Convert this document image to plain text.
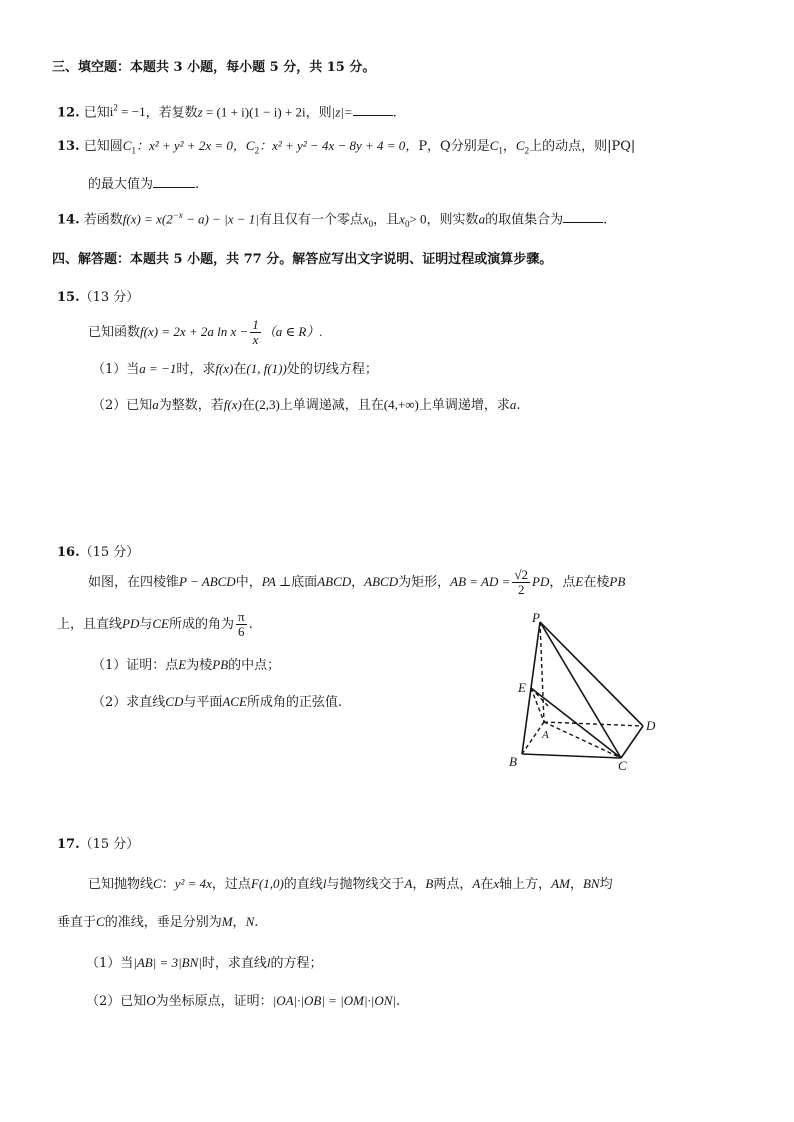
三、填空题：本题共 3 小题，每小题 5 分，共 15 分。
12. 已知$i^2 = -1$，若复数z = (1 + i)(1 − i) + 2i，则|z|=	.
13. 已知圆$C_1$：x² + y² + 2x = 0，$C_2$：x² + y² − 4x − 8y + 4 = 0，P，Q分别是$C_1$，$C_2$上的动点，则|PQ|
的最大值为	.
14. 若函数$f(x) = x(2^{-x} - a) - |x - 1|$有且仅有一个零点$x_0$，且$x_0> 0$，则实数a的取值集合为	.
四、解答题：本题共 5 小题，共 77 分。解答应写出文字说明、证明过程或演算步骤。
15.（13 分）
已知函数f(x) = 2x + 2a $\ln x - \frac{1}{x} (a$ ∈ R）.
（1）当a = −1时，求f(x)在(1, f(1))处的切线方程；
（2）已知a为整数，若f(x)在(2,3)上单调递减，且在(4,+∞)上单调递增，求a.
16.（15 分）
如图，在四棱锥P − ABCD中，PA ⊥底面ABCD，ABCD为矩形，AB = AD = $\frac{√2}{2}$ PD，点E在棱PB
上，且直线PD与CE所成的角为 $\frac{\pi}{6}$ .
（1）证明：点E为棱PB的中点；
（2）求直线CD与平面ACE所成角的正弦值.
P
E
A
B	C
D
17.（15 分）
已知抛物线C：y² = 4x，过点F(1,0)的直线l与抛物线交于A，B两点，A在x轴上方，AM，BN均
垂直于C的准线，垂足分别为M，N.
（1）当|AB| = 3|BN|时，求直线l的方程；
（2）已知O为坐标原点，证明：|OA|·|OB| = |OM|·|ON|.
